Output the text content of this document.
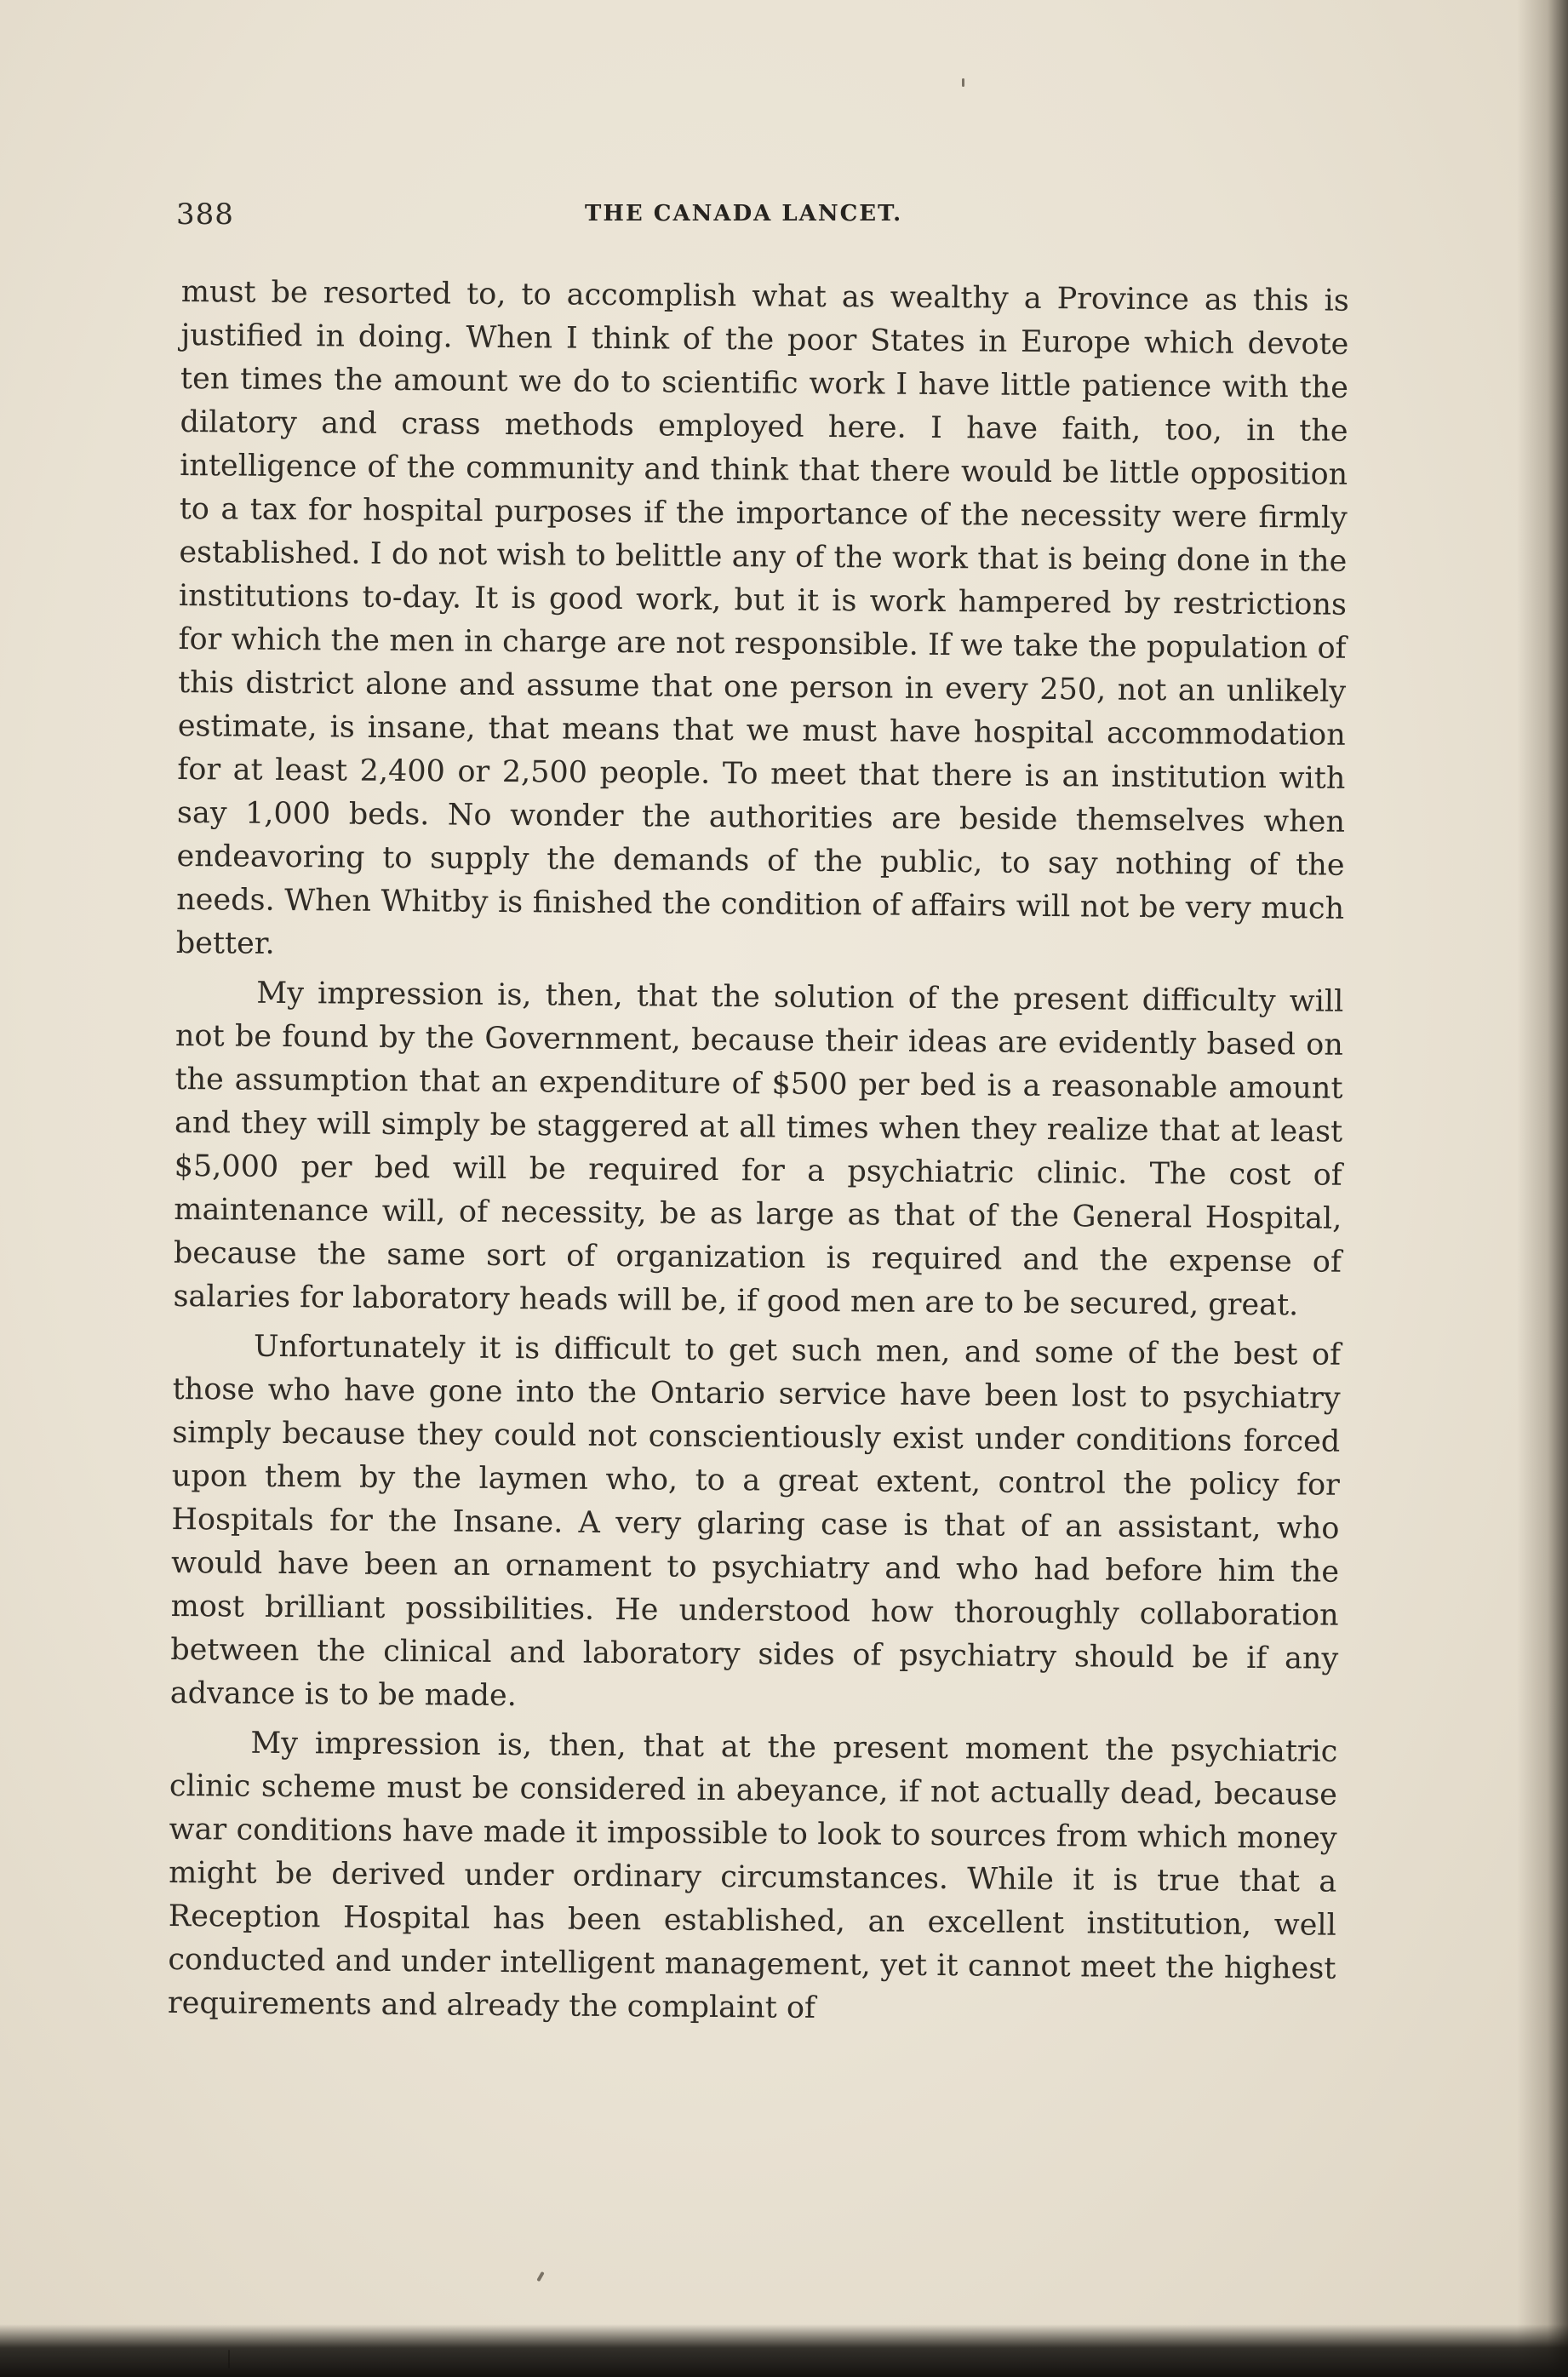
388	THE CANADA LANCET.

must be resorted to, to accomplish what as wealthy a Province as this is justified in doing. When I think of the poor States in Europe which devote ten times the amount we do to scientific work I have little patience with the dilatory and crass methods employed here. I have faith, too, in the intelligence of the community and think that there would be little opposition to a tax for hospital purposes if the importance of the necessity were firmly established. I do not wish to belittle any of the work that is being done in the institutions to-day. It is good work, but it is work hampered by restrictions for which the men in charge are not responsible. If we take the population of this district alone and assume that one person in every 250, not an unlikely estimate, is insane, that means that we must have hospital accommodation for at least 2,400 or 2,500 people. To meet that there is an institution with say 1,000 beds. No wonder the authorities are beside themselves when endeavoring to supply the demands of the public, to say nothing of the needs. When Whitby is finished the condition of affairs will not be very much better.

My impression is, then, that the solution of the present difficulty will not be found by the Government, because their ideas are evidently based on the assumption that an expenditure of $500 per bed is a reasonable amount and they will simply be staggered at all times when they realize that at least $5,000 per bed will be required for a psychiatric clinic. The cost of maintenance will, of necessity, be as large as that of the General Hospital, because the same sort of organization is required and the expense of salaries for laboratory heads will be, if good men are to be secured, great.

Unfortunately it is difficult to get such men, and some of the best of those who have gone into the Ontario service have been lost to psychiatry simply because they could not conscientiously exist under conditions forced upon them by the laymen who, to a great extent, control the policy for Hospitals for the Insane. A very glaring case is that of an assistant, who would have been an ornament to psychiatry and who had before him the most brilliant possibilities. He understood how thoroughly collaboration between the clinical and laboratory sides of psychiatry should be if any advance is to be made.

My impression is, then, that at the present moment the psychiatric clinic scheme must be considered in abeyance, if not actually dead, because war conditions have made it impossible to look to sources from which money might be derived under ordinary circumstances. While it is true that a Reception Hospital has been established, an excellent institution, well conducted and under intelligent management, yet it cannot meet the highest requirements and already the complaint of
